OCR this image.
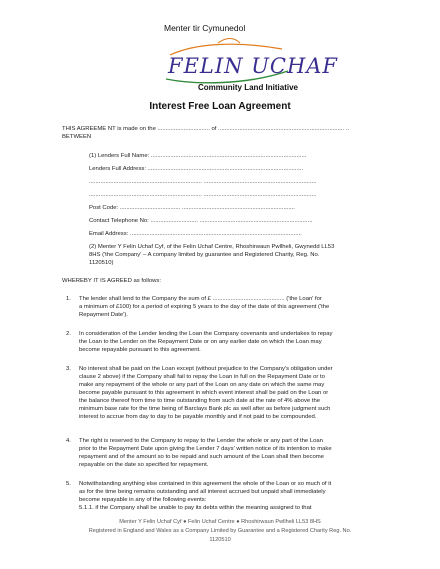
Menter tir Cymunedol
FELIN UCHAF
Community Land Initiative
Interest Free Loan Agreement
THIS AGREEME NT is made on the ................................ of ............................................................................. ..
BETWEEN
(1) Lenders Full Name: ...............................................................................................
Lenders Full Address: ...............................................................................................
..................................................................... .....................................................................
..................................................................... .....................................................................
Post Code: ..................................... .....................................................................
Contact Telephone No: ............................. .....................................................................
Email Address: .........................................................................................................
(2) Menter Y Felin Uchaf Cyf, of the Felin Uchaf Centre, Rhoshirwaun Pwllheli, Gwynedd LL53
8HS ('the Company' – A company limited by guarantee and Registered Charity, Reg. No.
1120510)
WHEREBY IT IS AGREED as follows:
1. The lender shall lend to the Company the sum of £ ............................................ ('the Loan' for
a minimum of £100) for a period of expiring 5 years to the day of the date of this agreement ('the
Repayment Date').
2. In consideration of the Lender lending the Loan the Company covenants and undertakes to repay
the Loan to the Lender on the Repayment Date or on any earlier date on which the Loan may
become repayable pursuant to this agreement.
3. No interest shall be paid on the Loan except (without prejudice to the Company's obligation under
clause 2 above) if the Company shall fail to repay the Loan in full on the Repayment Date or to
make any repayment of the whole or any part of the Loan on any date on which the same may
become payable pursuant to this agreement in which event interest shall be paid on the Loan or
the balance thereof from time to time outstanding from such date at the rate of 4% above the
minimum base rate for the time being of Barclays Bank plc as well after as before judgment such
interest to accrue from day to day to be payable monthly and if not paid to be compounded.
4. The right is reserved to the Company to repay to the Lender the whole or any part of the Loan
prior to the Repayment Date upon giving the Lender 7 days' written notice of its intention to make
repayment and of the amount so to be repaid and such amount of the Loan shall then become
repayable on the date so specified for repayment.
5. Notwithstanding anything else contained in this agreement the whole of the Loan or so much of it
as for the time being remains outstanding and all interest accrued but unpaid shall immediately
become repayable in any of the following events:
5.1.1. if the Company shall be unable to pay its debts within the meaning assigned to that
Menter Y Felin Uchaf Cyf ● Felin Uchaf Centre ● Rhoshirwaun Pwllheli LL53 8HS
Registered in England and Wales as a Company Limited by Guarantee and a Registered Charity Reg. No.
1120510
